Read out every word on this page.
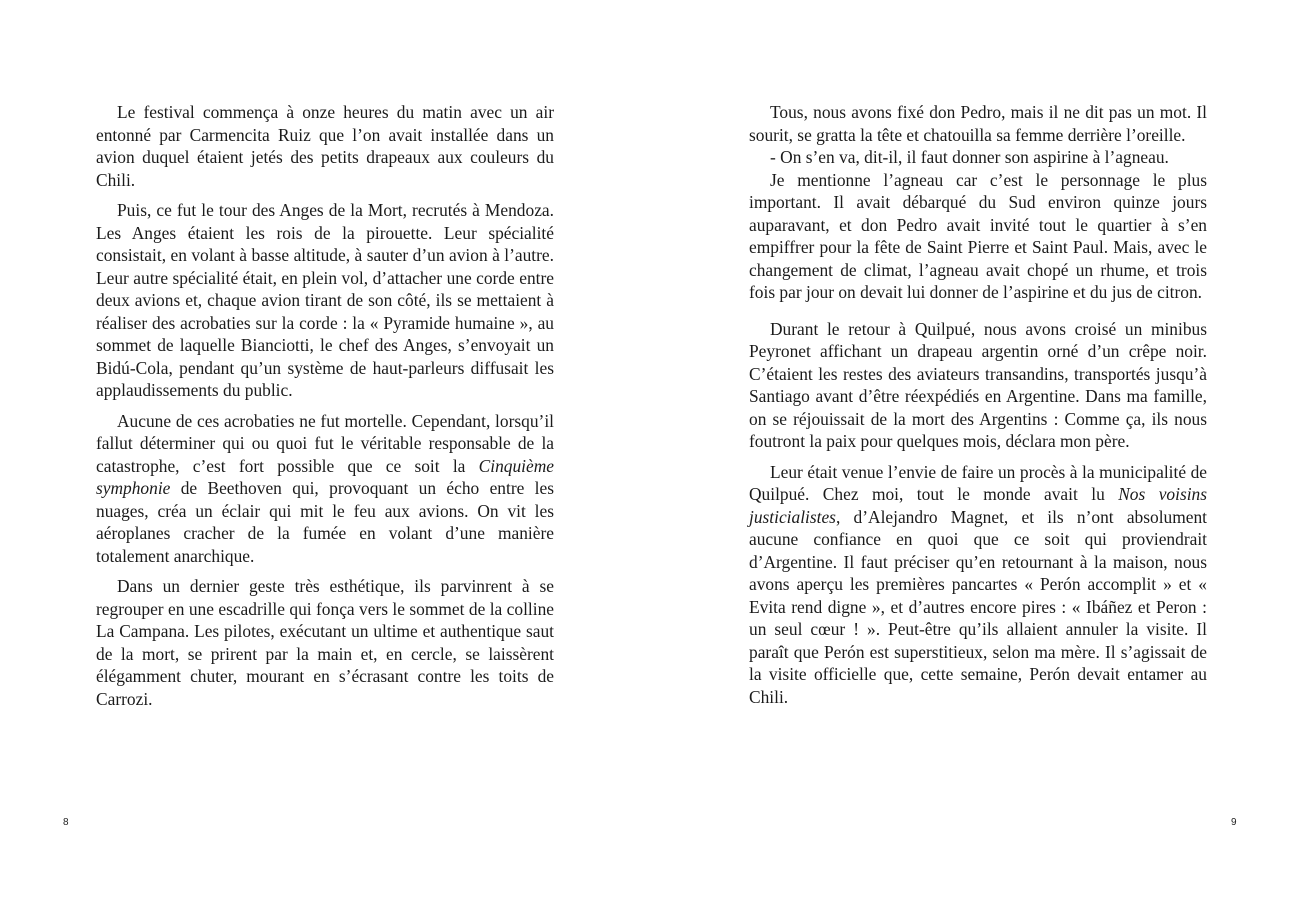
Le festival commença à onze heures du matin avec un air entonné par Carmencita Ruiz que l’on avait installée dans un avion duquel étaient jetés des petits drapeaux aux couleurs du Chili.

Puis, ce fut le tour des Anges de la Mort, recrutés à Mendoza. Les Anges étaient les rois de la pirouette. Leur spécialité consistait, en volant à basse altitude, à sauter d’un avion à l’autre. Leur autre spécialité était, en plein vol, d’attacher une corde entre deux avions et, chaque avion tirant de son côté, ils se mettaient à réaliser des acrobaties sur la corde : la « Pyramide humaine », au sommet de laquelle Bianciotti, le chef des Anges, s’envoyait un Bidú-Cola, pendant qu’un système de haut-parleurs diffusait les applaudissements du public.

Aucune de ces acrobaties ne fut mortelle. Cependant, lorsqu’il fallut déterminer qui ou quoi fut le véritable responsable de la catastrophe, c’est fort possible que ce soit la Cinquième symphonie de Beethoven qui, provoquant un écho entre les nuages, créa un éclair qui mit le feu aux avions. On vit les aéroplanes cracher de la fumée en volant d’une manière totalement anarchique.

Dans un dernier geste très esthétique, ils parvinrent à se regrouper en une escadrille qui fonça vers le sommet de la colline La Campana. Les pilotes, exécutant un ultime et authentique saut de la mort, se prirent par la main et, en cercle, se laissèrent élégamment chuter, mourant en s’écrasant contre les toits de Carrozi.

8

Tous, nous avons fixé don Pedro, mais il ne dit pas un mot. Il sourit, se gratta la tête et chatouilla sa femme derrière l’oreille.

- On s’en va, dit-il, il faut donner son aspirine à l’agneau.

Je mentionne l’agneau car c’est le personnage le plus important. Il avait débarqué du Sud environ quinze jours auparavant, et don Pedro avait invité tout le quartier à s’en empiffrer pour la fête de Saint Pierre et Saint Paul. Mais, avec le changement de climat, l’agneau avait chopé un rhume, et trois fois par jour on devait lui donner de l’aspirine et du jus de citron.

Durant le retour à Quilpué, nous avons croisé un minibus Peyronet affichant un drapeau argentin orné d’un crêpe noir. C’étaient les restes des aviateurs transandins, transportés jusqu’à Santiago avant d’être réexpédiés en Argentine. Dans ma famille, on se réjouissait de la mort des Argentins : Comme ça, ils nous foutront la paix pour quelques mois, déclara mon père.

Leur était venue l’envie de faire un procès à la municipalité de Quilpué. Chez moi, tout le monde avait lu Nos voisins justicialistes, d’Alejandro Magnet, et ils n’ont absolument aucune confiance en quoi que ce soit qui proviendrait d’Argentine. Il faut préciser qu’en retournant à la maison, nous avons aperçu les premières pancartes « Perón accomplit » et « Evita rend digne », et d’autres encore pires : « Ibáñez et Peron : un seul cœur ! ». Peut-être qu’ils allaient annuler la visite. Il paraît que Perón est superstitieux, selon ma mère. Il s’agissait de la visite officielle que, cette semaine, Perón devait entamer au Chili.

9
